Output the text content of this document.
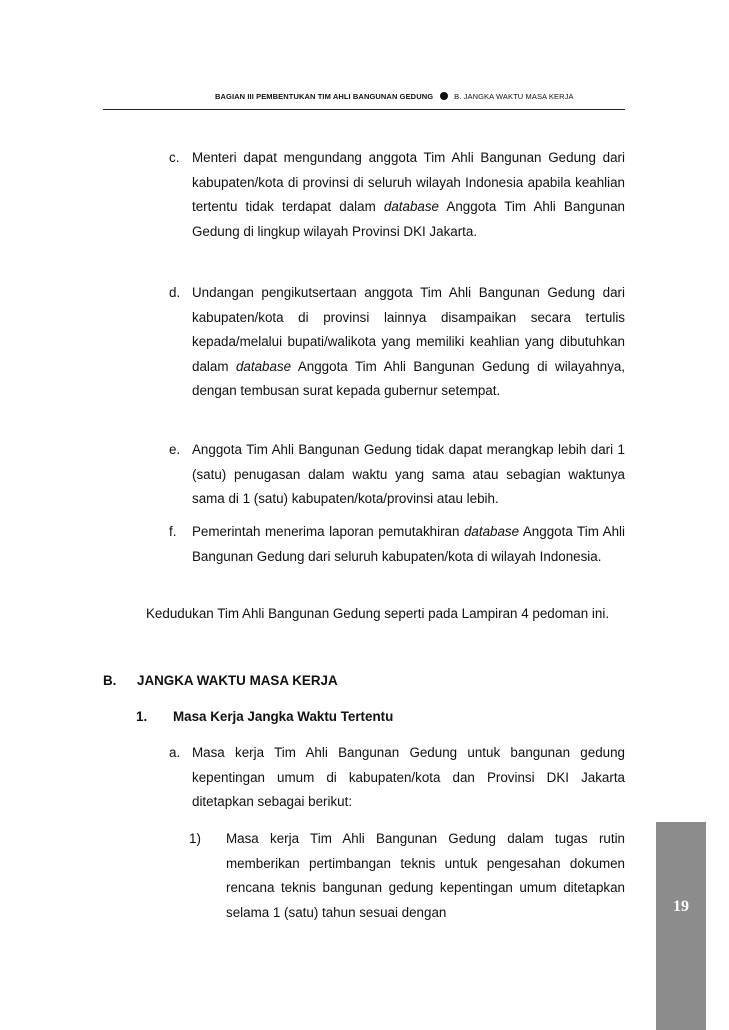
BAGIAN III PEMBENTUKAN TIM AHLI BANGUNAN GEDUNG	B. JANGKA WAKTU MASA KERJA
c. Menteri dapat mengundang anggota Tim Ahli Bangunan Gedung dari kabupaten/kota di provinsi di seluruh wilayah Indonesia apabila keahlian tertentu tidak terdapat dalam database Anggota Tim Ahli Bangunan Gedung di lingkup wilayah Provinsi DKI Jakarta.
d. Undangan pengikutsertaan anggota Tim Ahli Bangunan Gedung dari kabupaten/kota di provinsi lainnya disampaikan secara tertulis kepada/melalui bupati/walikota yang memiliki keahlian yang dibutuhkan dalam database Anggota Tim Ahli Bangunan Gedung di wilayahnya, dengan tembusan surat kepada gubernur setempat.
e. Anggota Tim Ahli Bangunan Gedung tidak dapat merangkap lebih dari 1 (satu) penugasan dalam waktu yang sama atau sebagian waktunya sama di 1 (satu) kabupaten/kota/provinsi atau lebih.
f. Pemerintah menerima laporan pemutakhiran database Anggota Tim Ahli Bangunan Gedung dari seluruh kabupaten/kota di wilayah Indonesia.
Kedudukan Tim Ahli Bangunan Gedung seperti pada Lampiran 4 pedoman ini.
B. JANGKA WAKTU MASA KERJA
1. Masa Kerja Jangka Waktu Tertentu
a. Masa kerja Tim Ahli Bangunan Gedung untuk bangunan gedung kepentingan umum di kabupaten/kota dan Provinsi DKI Jakarta ditetapkan sebagai berikut:
1) Masa kerja Tim Ahli Bangunan Gedung dalam tugas rutin memberikan pertimbangan teknis untuk pengesahan dokumen rencana teknis bangunan gedung kepentingan umum ditetapkan selama 1 (satu) tahun sesuai dengan	19
